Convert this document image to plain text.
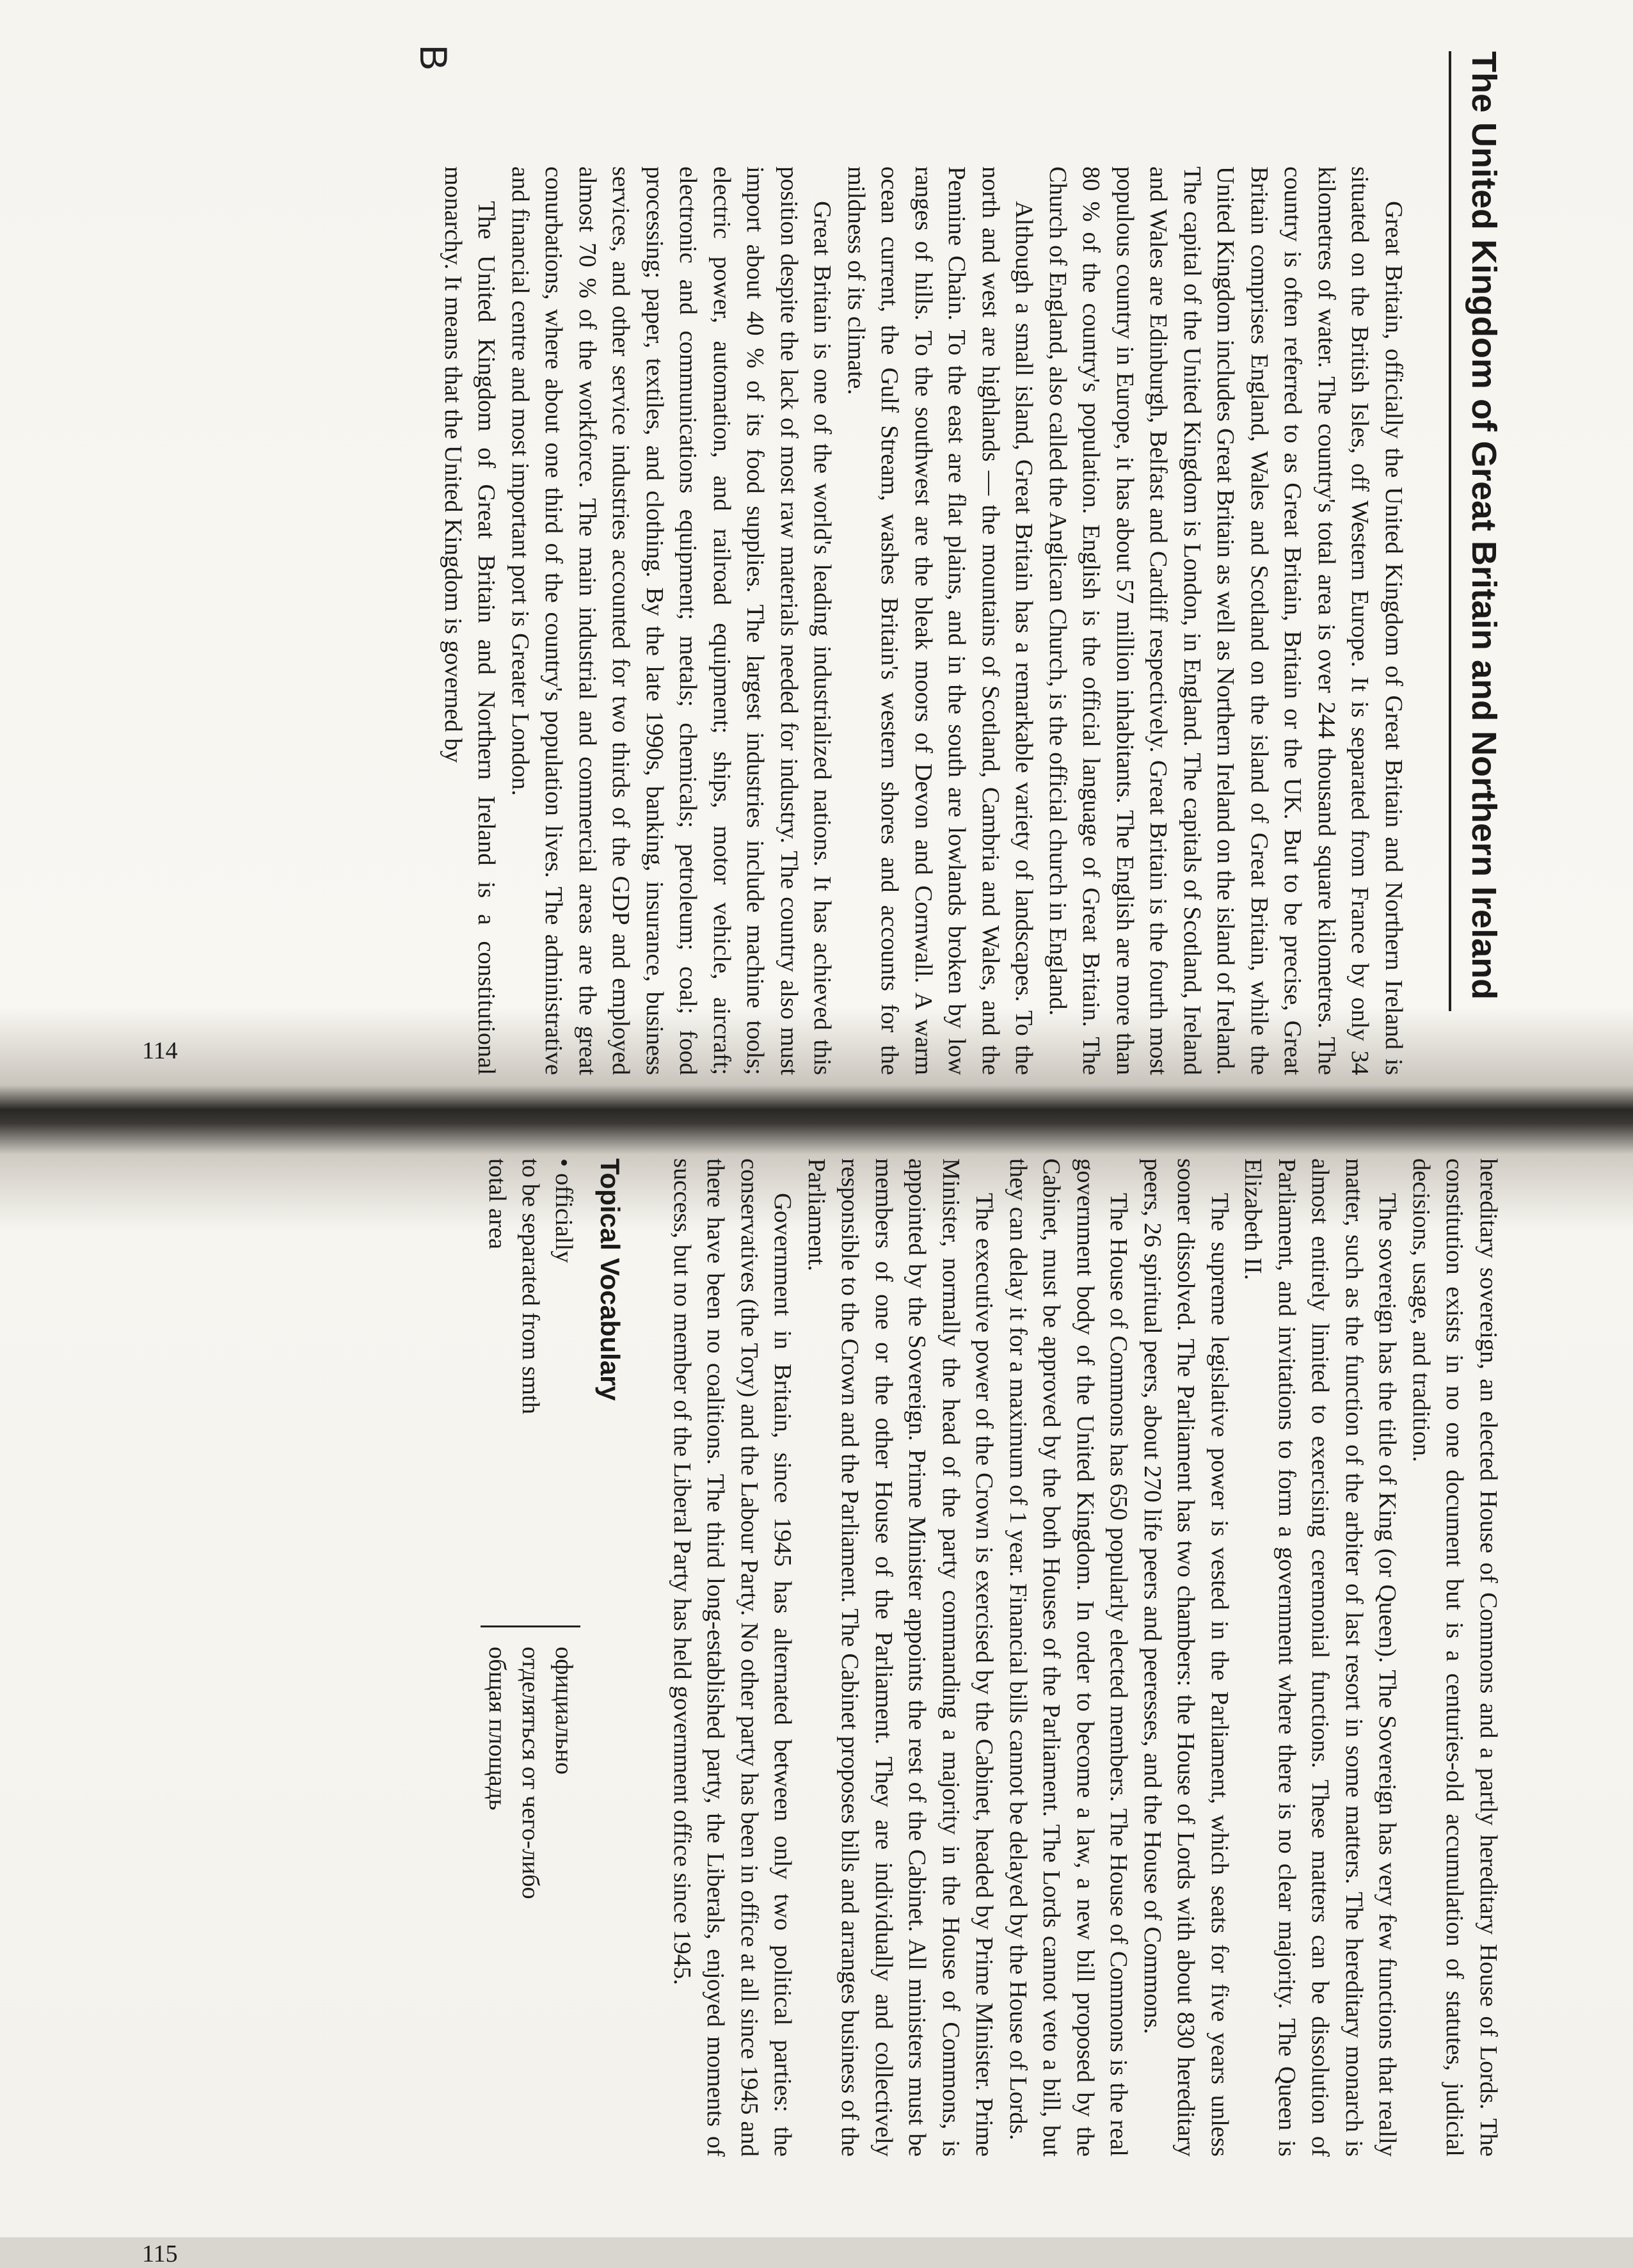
B	The United Kingdom of Great Britain and Northern Ireland

Great Britain, officially the United Kingdom of Great Britain and Northern Ireland is situated on the British Isles, off Western Europe. It is separated from France by only 34 kilometres of water. The country's total area is over 244 thousand square kilometres. The country is often referred to as Great Britain, Britain or the UK. But to be precise, Great Britain comprises England, Wales and Scotland on the island of Great Britain, while the United Kingdom includes Great Britain as well as Northern Ireland on the island of Ireland. The capital of the United Kingdom is London, in England. The capitals of Scotland, Ireland and Wales are Edinburgh, Belfast and Cardiff respectively. Great Britain is the fourth most populous country in Europe, it has about 57 million inhabitants. The English are more than 80 % of the country's population. English is the official language of Great Britain. The Church of England, also called the Anglican Church, is the official church in England.

Although a small island, Great Britain has a remarkable variety of landscapes. To the north and west are highlands — the mountains of Scotland, Cambria and Wales, and the Pennine Chain. To the east are flat plains, and in the south are lowlands broken by low ranges of hills. To the southwest are the bleak moors of Devon and Cornwall. A warm ocean current, the Gulf Stream, washes Britain's western shores and accounts for the mildness of its climate.

Great Britain is one of the world's leading industrialized nations. It has achieved this position despite the lack of most raw materials needed for industry. The country also must import about 40 % of its food supplies. The largest industries include machine tools; electric power, automation, and railroad equipment; ships, motor vehicle, aircraft; electronic and communications equipment; metals; chemicals; petroleum; coal; food processing; paper, textiles, and clothing. By the late 1990s, banking, insurance, business services, and other service industries accounted for two thirds of the GDP and employed almost 70 % of the workforce. The main industrial and commercial areas are the great conurbations, where about one third of the country's population lives. The administrative and financial centre and most important port is Greater London.

The United Kingdom of Great Britain and Northern Ireland is a constitutional monarchy. It means that the United Kingdom is governed by

114

hereditary sovereign, an elected House of Commons and a partly hereditary House of Lords. The constitution exists in no one document but is a centuries-old accumulation of statutes, judicial decisions, usage, and tradition.

The sovereign has the title of King (or Queen). The Sovereign has very few functions that really matter, such as the function of the arbiter of last resort in some matters. The hereditary monarch is almost entirely limited to exercising ceremonial functions. These matters can be dissolution of Parliament, and invitations to form a government where there is no clear majority. The Queen is Elizabeth II.

The supreme legislative power is vested in the Parliament, which seats for five years unless sooner dissolved. The Parliament has two chambers: the House of Lords with about 830 hereditary peers, 26 spiritual peers, about 270 life peers and peeresses, and the House of Commons.

The House of Commons has 650 popularly elected members. The House of Commons is the real government body of the United Kingdom. In order to become a law, a new bill proposed by the Cabinet, must be approved by the both Houses of the Parliament. The Lords cannot veto a bill, but they can delay it for a maximum of 1 year. Financial bills cannot be delayed by the House of Lords.

The executive power of the Crown is exercised by the Cabinet, headed by Prime Minister. Prime Minister, normally the head of the party commanding a majority in the House of Commons, is appointed by the Sovereign. Prime Minister appoints the rest of the Cabinet. All ministers must be members of one or the other House of the Parliament. They are individually and collectively responsible to the Crown and the Parliament. The Cabinet proposes bills and arranges business of the Parliament.

Government in Britain, since 1945 has alternated between only two political parties: the conservatives (the Tory) and the Labour Party. No other party has been in office at all since 1945 and there have been no coalitions. The third long-established party, the Liberals, enjoyed moments of success, but no member of the Liberal Party has held government office since 1945.

Topical Vocabulary
• officially	официально
to be separated from smth	отделяться от чего-либо
total area	общая площадь
115
